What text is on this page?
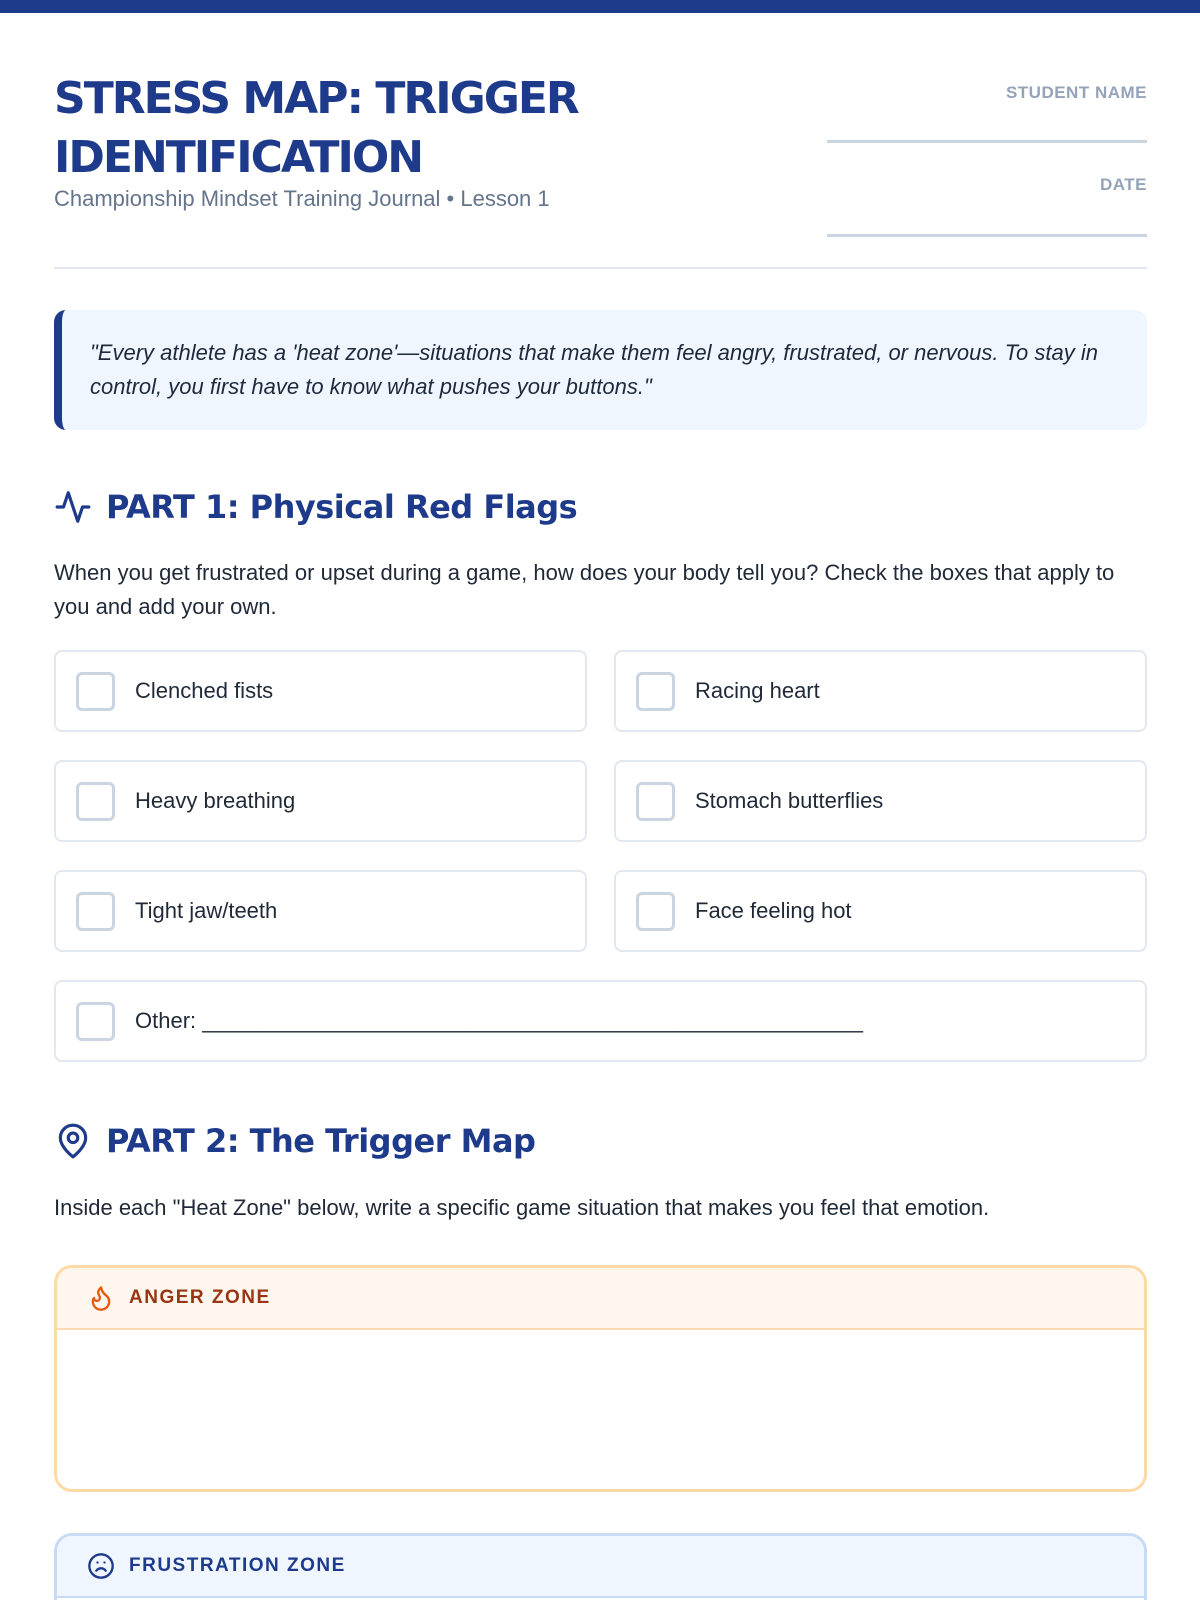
STRESS MAP: TRIGGER IDENTIFICATION
Championship Mindset Training Journal • Lesson 1
STUDENT NAME
DATE
"Every athlete has a 'heat zone'—situations that make them feel angry, frustrated, or nervous. To stay in control, you first have to know what pushes your buttons."
PART 1: Physical Red Flags

When you get frustrated or upset during a game, how does your body tell you? Check the boxes that apply to you and add your own.

Clenched fists	Racing heart
Heavy breathing	Stomach butterflies
Tight jaw/teeth	Face feeling hot
Other: ______________________________________________________
PART 2: The Trigger Map

Inside each "Heat Zone" below, write a specific game situation that makes you feel that emotion.

ANGER ZONE
FRUSTRATION ZONE
